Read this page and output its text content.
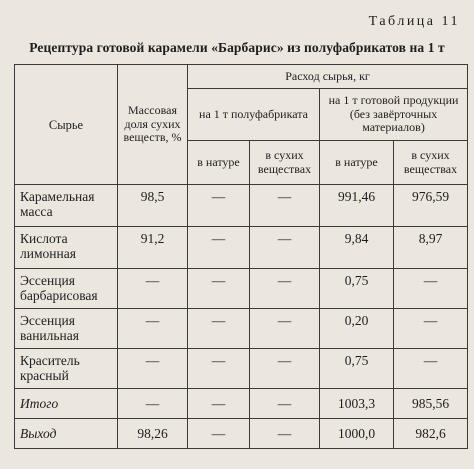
Таблица 11
Рецептура готовой карамели «Барбарис» из полуфабрикатов на 1 т
Сырье	Массовая доля сухих веществ, %	Расход сырья, кг			
		на 1 т полуфабриката		на 1 т готовой продукции (без завёрточных материалов)	
		в натуре	в сухих веществах	в натуре	в сухих веществах
Карамельная масса	98,5	—	—	991,46	976,59
Кислота лимонная	91,2	—	—	9,84	8,97
Эссенция барбарисовая	—	—	—	0,75	—
Эссенция ванильная	—	—	—	0,20	—
Краситель красный	—	—	—	0,75	—
Итого	—	—	—	1003,3	985,56
Выход	98,26	—	—	1000,0	982,6
